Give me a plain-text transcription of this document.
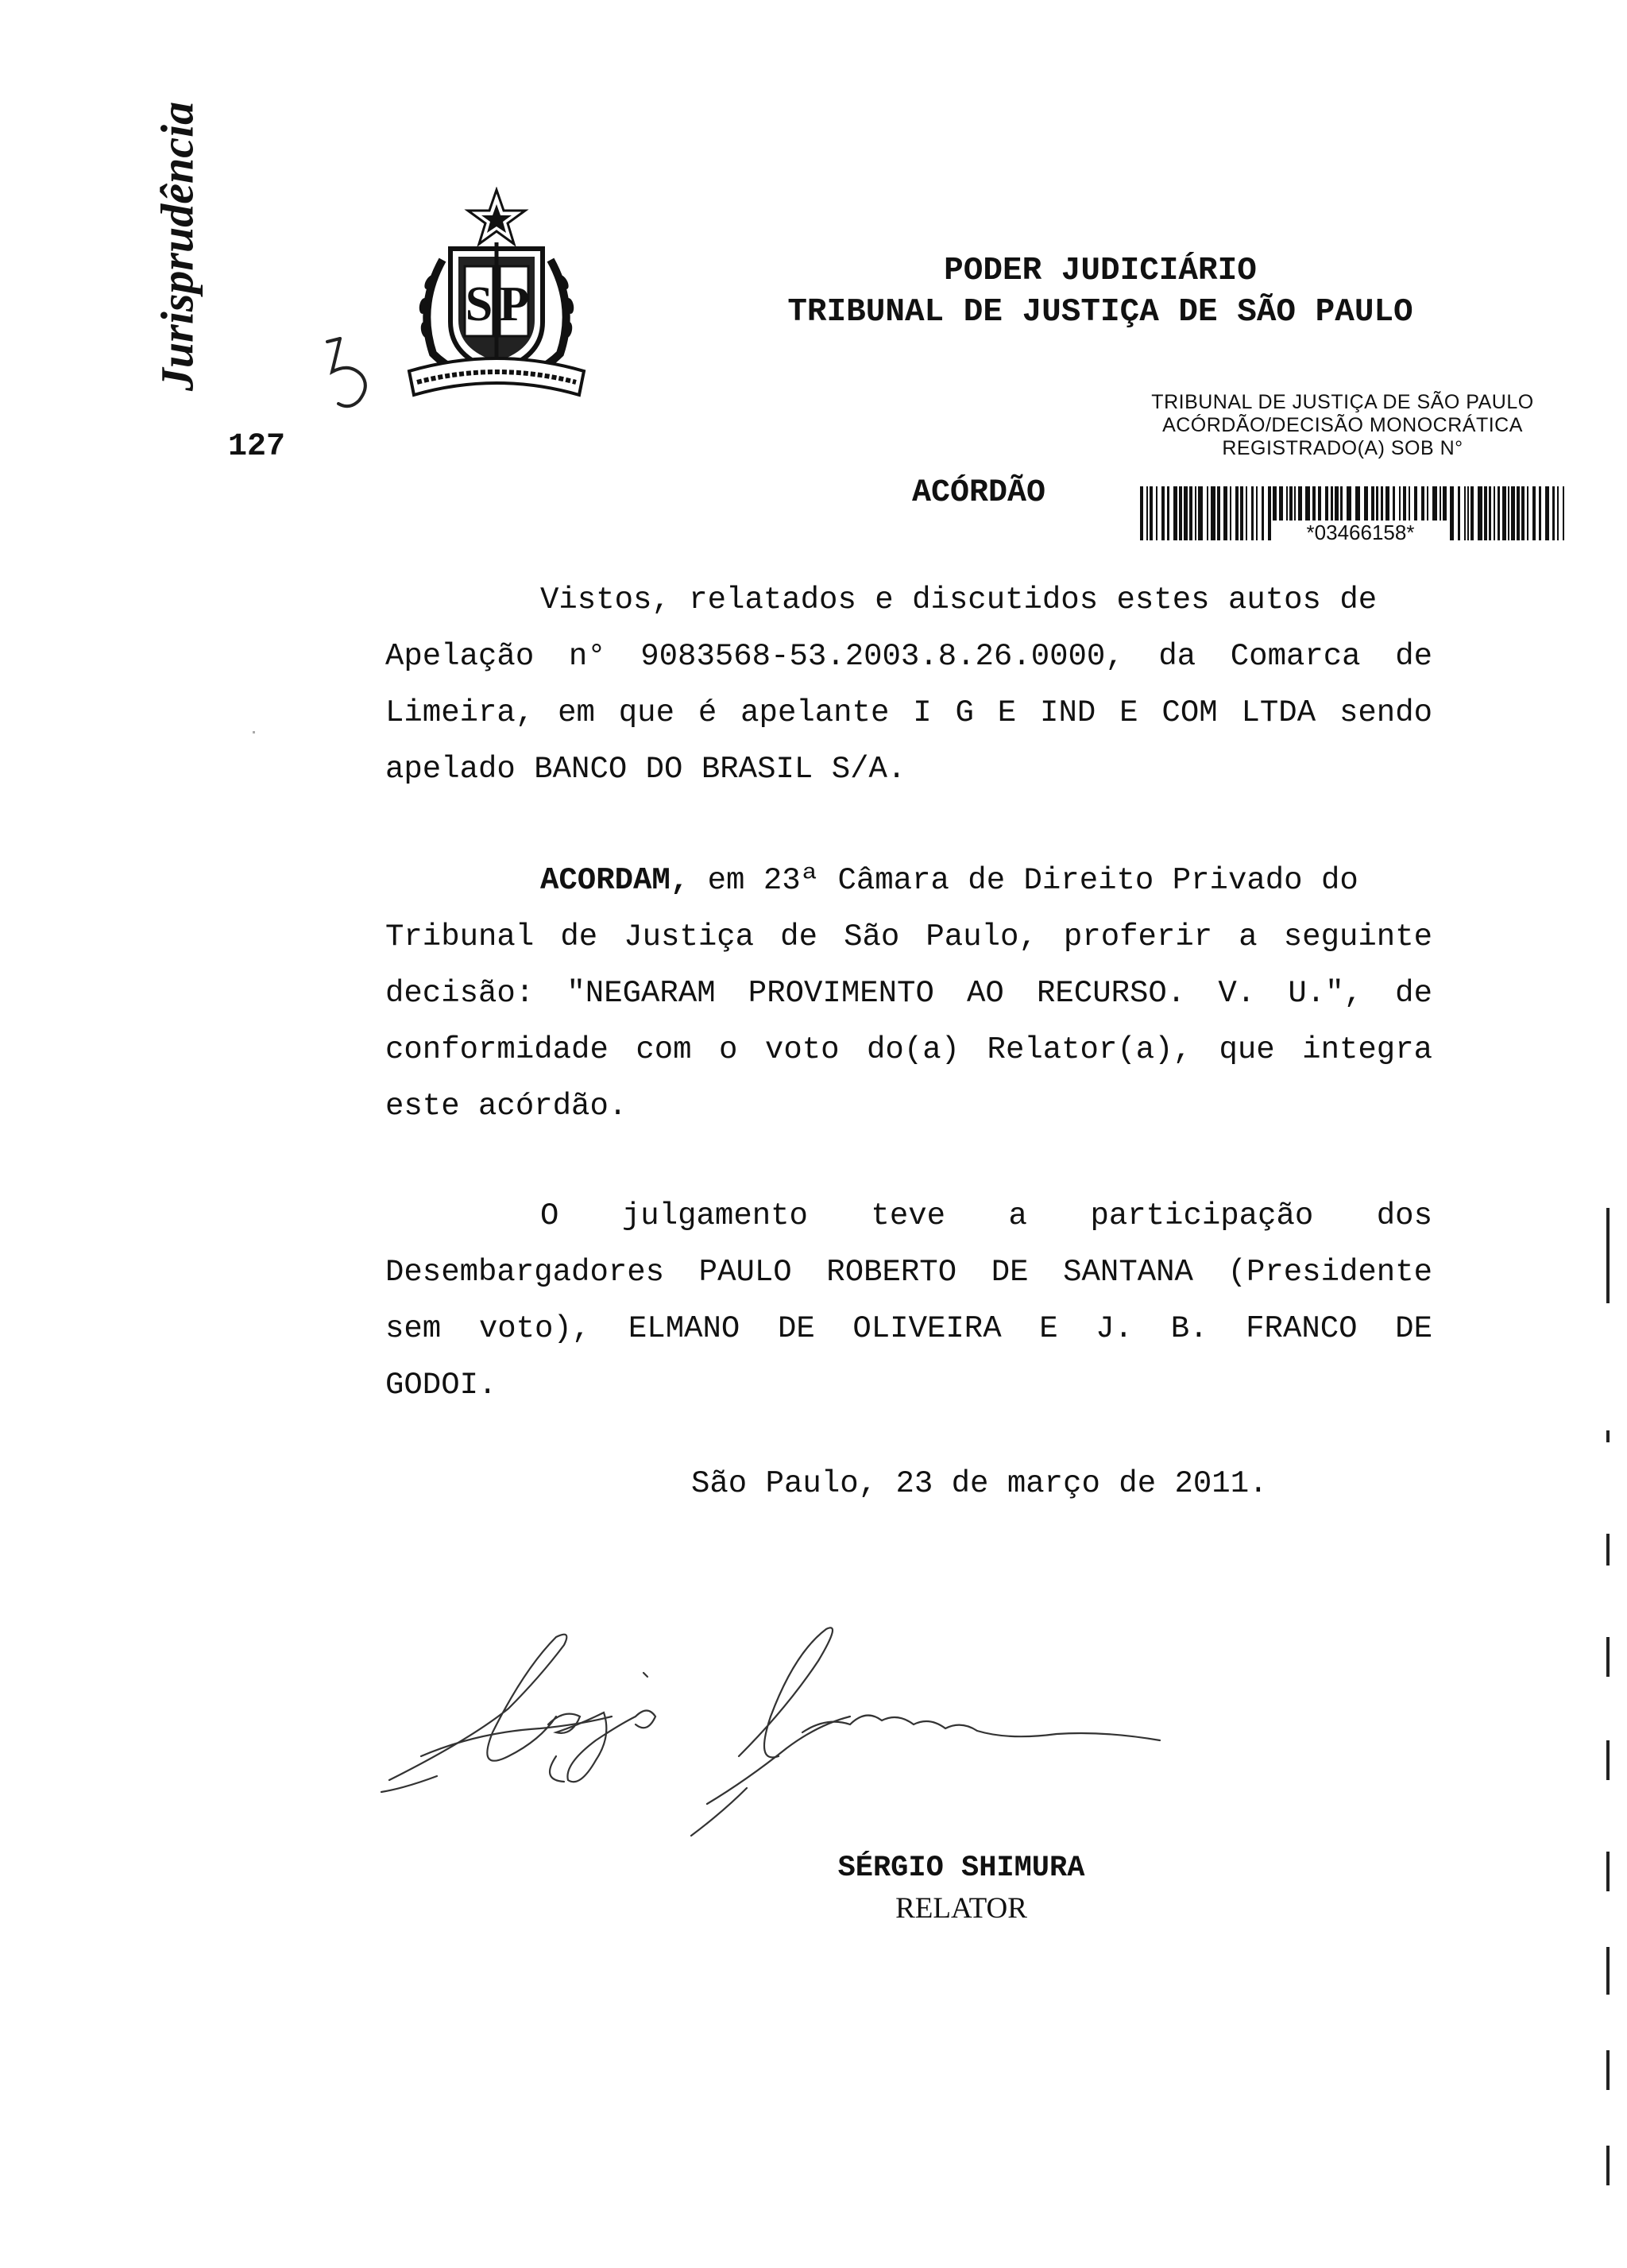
Jurisprudência
127
S P
PODER JUDICIÁRIO
TRIBUNAL DE JUSTIÇA DE SÃO PAULO
TRIBUNAL DE JUSTIÇA DE SÃO PAULO
ACÓRDÃO/DECISÃO MONOCRÁTICA
REGISTRADO(A) SOB N°
ACÓRDÃO
*03466158*
Vistos, relatados e discutidos estes autos de
Apelação n° 9083568-53.2003.8.26.0000, da Comarca de
Limeira, em que é apelante I G E IND E COM LTDA sendo
apelado BANCO DO BRASIL S/A.
ACORDAM, em 23ª Câmara de Direito Privado do
Tribunal de Justiça de São Paulo, proferir a seguinte
decisão: "NEGARAM PROVIMENTO AO RECURSO. V. U.", de
conformidade com o voto do(a) Relator(a), que integra
este acórdão.
O julgamento teve a participação dos
Desembargadores PAULO ROBERTO DE SANTANA (Presidente
sem voto), ELMANO DE OLIVEIRA E J. B. FRANCO DE
GODOI.
São Paulo, 23 de março de 2011.
SÉRGIO SHIMURA
RELATOR
